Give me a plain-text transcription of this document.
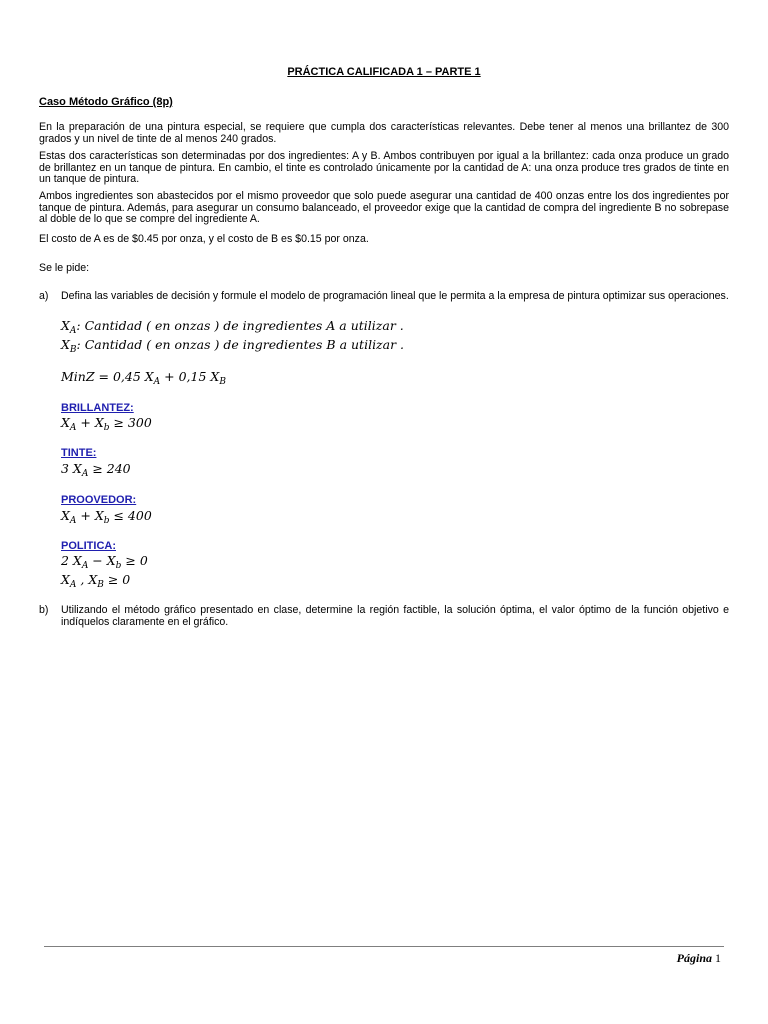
PRÁCTICA CALIFICADA 1 – PARTE 1
Caso Método Gráfico (8p)
En la preparación de una pintura especial, se requiere que cumpla dos características relevantes. Debe tener al menos una brillantez de 300 grados y un nivel de tinte de al menos 240 grados.
Estas dos características son determinadas por dos ingredientes: A y B. Ambos contribuyen por igual a la brillantez: cada onza produce un grado de brillantez en un tanque de pintura. En cambio, el tinte es controlado únicamente por la cantidad de A: una onza produce tres grados de tinte en un tanque de pintura.
Ambos ingredientes son abastecidos por el mismo proveedor que solo puede asegurar una cantidad de 400 onzas entre los dos ingredientes por tanque de pintura. Además, para asegurar un consumo balanceado, el proveedor exige que la cantidad de compra del ingrediente B no sobrepase al doble de lo que se compre del ingrediente A.
El costo de A es de $0.45 por onza, y el costo de B es $0.15 por onza.
Se le pide:
a) Defina las variables de decisión y formule el modelo de programación lineal que le permita a la empresa de pintura optimizar sus operaciones.
$X_A$: Cantidad ( en onzas ) de ingredientes A a utilizar .
$X_B$: Cantidad ( en onzas ) de ingredientes B a utilizar .
MinZ = 0,45 $X_A + 0,15$ $X_B$
BRILLANTEZ:
$X_A + X_b \ge 300$
TINTE:
3 $X_A \ge 240$
PROOVEDOR:
$X_A + X_b \le 400$
POLITICA:
2 $X_A - X_b \ge 0$
$X_A$ , $X_B \ge 0$
b) Utilizando el método gráfico presentado en clase, determine la región factible, la solución óptima, el valor óptimo de la función objetivo e indíquelos claramente en el gráfico.
Página 1
